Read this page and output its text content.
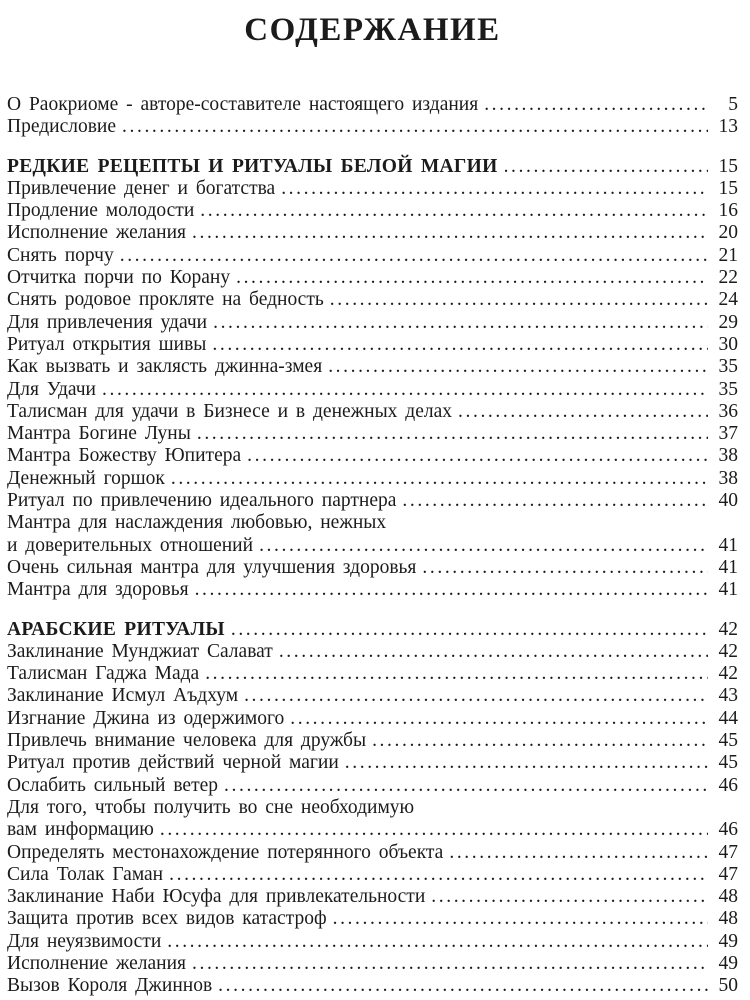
СОДЕРЖАНИЕ
О Раокриоме - авторе-составителе настоящего издания .....	5
Предисловие .....	13
РЕДКИЕ РЕЦЕПТЫ И РИТУАЛЫ БЕЛОЙ МАГИИ .....	15
Привлечение денег и богатства .....	15
Продление молодости .....	16
Исполнение желания .....	20
Снять порчу .....	21
Отчитка порчи по Корану .....	22
Снять родовое прокляте на бедность .....	24
Для привлечения удачи .....	29
Ритуал открытия шивы .....	30
Как вызвать и заклясть джинна-змея .....	35
Для Удачи .....	35
Талисман для удачи в Бизнесе и в денежных делах .....	36
Мантра Богине Луны .....	37
Мантра Божеству Юпитера .....	38
Денежный горшок .....	38
Ритуал по привлечению идеального партнера .....	40
Мантра для наслаждения любовью, нежных
и доверительных отношений .....	41
Очень сильная мантра для улучшения здоровья .....	41
Мантра для здоровья .....	41
АРАБСКИЕ РИТУАЛЫ .....	42
Заклинание Мунджиат Салават .....	42
Талисман Гаджа Мада .....	42
Заклинание Исмул Аъдхум .....	43
Изгнание Джина из одержимого .....	44
Привлечь внимание человека для дружбы .....	45
Ритуал против действий черной магии .....	45
Ослабить сильный ветер .....	46
Для того, чтобы получить во сне необходимую
вам информацию .....	46
Определять местонахождение потерянного объекта .....	47
Сила Толак Гаман .....	47
Заклинание Наби Юсуфа для привлекательности .....	48
Защита против всех видов катастроф .....	48
Для неуязвимости .....	49
Исполнение желания .....	49
Вызов Короля Джиннов .....	50
